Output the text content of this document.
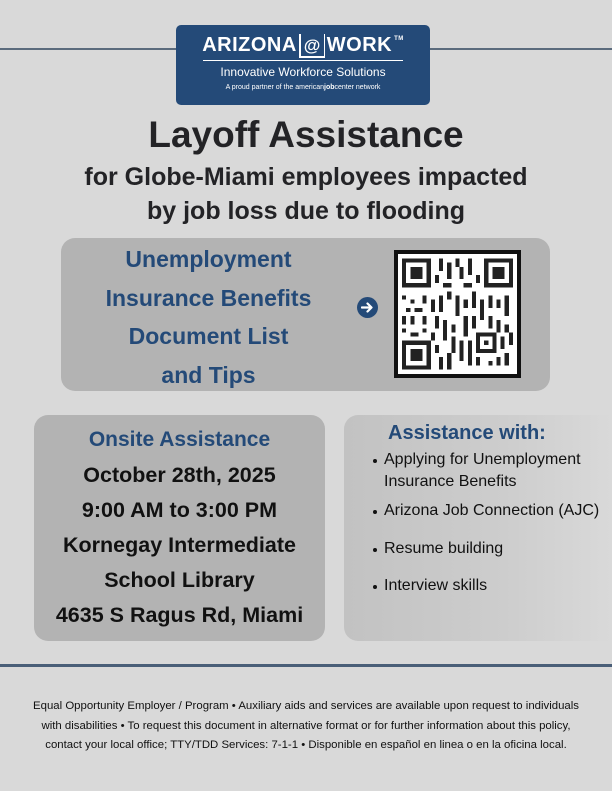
ARIZONA @ WORK TM
Innovative Workforce Solutions
A proud partner of the americanjobcenter network
Layoff Assistance
for Globe-Miami employees impacted
by job loss due to flooding
Unemployment
Insurance Benefits
Document List
and Tips
Onsite Assistance
October 28th, 2025
9:00 AM to 3:00 PM
Kornegay Intermediate
School Library
4635 S Ragus Rd, Miami
Assistance with:
Applying for Unemployment Insurance Benefits
Arizona Job Connection (AJC)
Resume building
Interview skills
Equal Opportunity Employer / Program • Auxiliary aids and services are available upon request to individuals with disabilities • To request this document in alternative format or for further information about this policy, contact your local office; TTY/TDD Services: 7-1-1 • Disponible en español en linea o en la oficina local.
